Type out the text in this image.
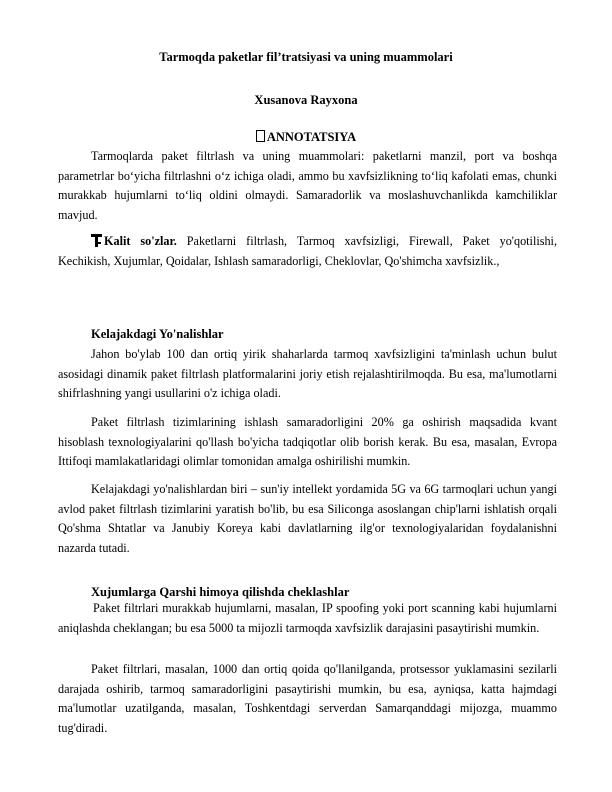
Tarmoqda paketlar fil’tratsiyasi va uning muammolari
Xusanova Rayxona
ANNOTATSIYA
Tarmoqlarda paket filtrlash va uning muammolari: paketlarni manzil, port va boshqa parametrlar bo‘yicha filtrlashni o‘z ichiga oladi, ammo bu xavfsizlikning to‘liq kafolati emas, chunki murakkab hujumlarni to‘liq oldini olmaydi. Samaradorlik va moslashuvchanlikda kamchiliklar mavjud.
Kalit so'zlar. Paketlarni filtrlash, Tarmoq xavfsizligi, Firewall, Paket yo'qotilishi, Kechikish, Xujumlar, Qoidalar, Ishlash samaradorligi, Cheklovlar, Qo'shimcha xavfsizlik.,
Kelajakdagi Yo'nalishlar
Jahon bo'ylab 100 dan ortiq yirik shaharlarda tarmoq xavfsizligini ta'minlash uchun bulut asosidagi dinamik paket filtrlash platformalarini joriy etish rejalashtirilmoqda. Bu esa, ma'lumotlarni shifrlashning yangi usullarini o'z ichiga oladi.
Paket filtrlash tizimlarining ishlash samaradorligini 20% ga oshirish maqsadida kvant hisoblash texnologiyalarini qo'llash bo'yicha tadqiqotlar olib borish kerak. Bu esa, masalan, Evropa Ittifoqi mamlakatlaridagi olimlar tomonidan amalga oshirilishi mumkin.
Kelajakdagi yo'nalishlardan biri – sun'iy intellekt yordamida 5G va 6G tarmoqlari uchun yangi avlod paket filtrlash tizimlarini yaratish bo'lib, bu esa Siliconga asoslangan chip'larni ishlatish orqali Qo'shma Shtatlar va Janubiy Koreya kabi davlatlarning ilg'or texnologiyalaridan foydalanishni nazarda tutadi.
Xujumlarga Qarshi himoya qilishda cheklashlar
Paket filtrlari murakkab hujumlarni, masalan, IP spoofing yoki port scanning kabi hujumlarni aniqlashda cheklangan; bu esa 5000 ta mijozli tarmoqda xavfsizlik darajasini pasaytirishi mumkin.
Paket filtrlari, masalan, 1000 dan ortiq qoida qo'llanilganda, protsessor yuklamasini sezilarli darajada oshirib, tarmoq samaradorligini pasaytirishi mumkin, bu esa, ayniqsa, katta hajmdagi ma'lumotlar uzatilganda, masalan, Toshkentdagi serverdan Samarqanddagi mijozga, muammo tug'diradi.
